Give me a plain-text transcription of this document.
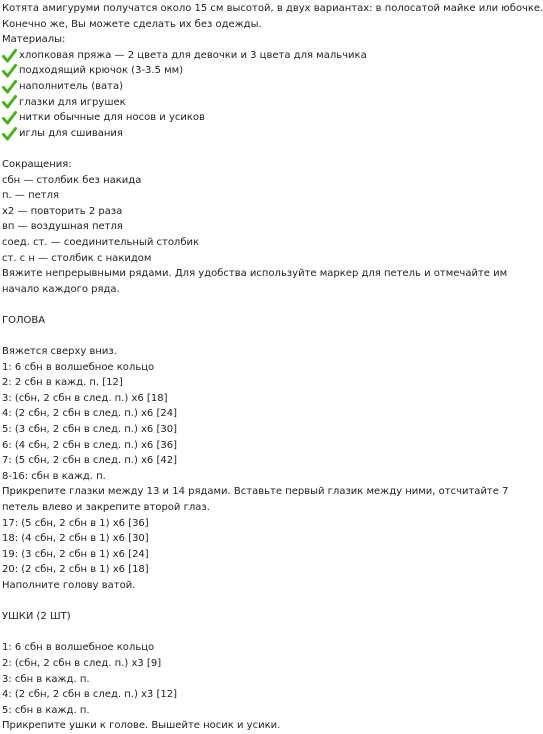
Котята амигуруми получатся около 15 см высотой, в двух вариантах: в полосатой майке или юбочке.
Конечно же, Вы можете сделать их без одежды.
Материалы:
хлопковая пряжа — 2 цвета для девочки и 3 цвета для мальчика
подходящий крючок (3-3.5 мм)
наполнитель (вата)
глазки для игрушек
нитки обычные для носов и усиков
иглы для сшивания
Сокращения:
сбн — столбик без накида
п. — петля
х2 — повторить 2 раза
вп — воздушная петля
соед. ст. — соединительный столбик
ст. с н — столбик с накидом
Вяжите непрерывными рядами. Для удобства используйте маркер для петель и отмечайте им
начало каждого ряда.
ГОЛОВА
Вяжется сверху вниз.
1: 6 сбн в волшебное кольцо
2: 2 сбн в кажд. п. [12]
3: (сбн, 2 сбн в след. п.) х6 [18]
4: (2 сбн, 2 сбн в след. п.) х6 [24]
5: (3 сбн, 2 сбн в след. п.) х6 [30]
6: (4 сбн, 2 сбн в след. п.) х6 [36]
7: (5 сбн, 2 сбн в след. п.) х6 [42]
8-16: сбн в кажд. п.
Прикрепите глазки между 13 и 14 рядами. Вставьте первый глазик между ними, отсчитайте 7
петель влево и закрепите второй глаз.
17: (5 сбн, 2 сбн в 1) х6 [36]
18: (4 сбн, 2 сбн в 1) х6 [30]
19: (3 сбн, 2 сбн в 1) х6 [24]
20: (2 сбн, 2 сбн в 1) х6 [18]
Наполните голову ватой.
УШКИ (2 ШТ)
1: 6 сбн в волшебное кольцо
2: (сбн, 2 сбн в след. п.) х3 [9]
3: сбн в кажд. п.
4: (2 сбн, 2 сбн в след. п.) х3 [12]
5: сбн в кажд. п.
Прикрепите ушки к голове. Вышейте носик и усики.
